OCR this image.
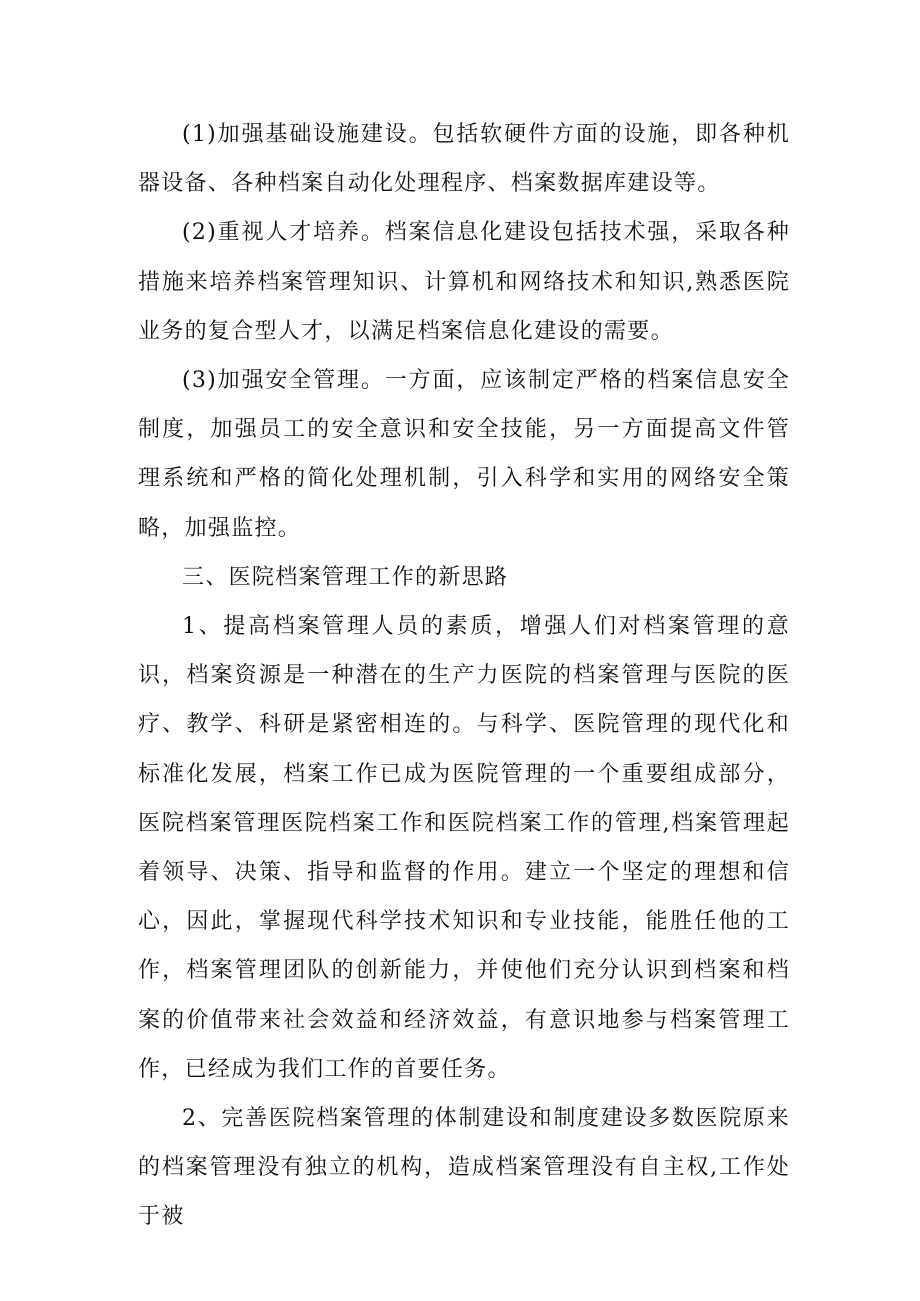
(1)加强基础设施建设。包括软硬件方面的设施，即各种机器设备、各种档案自动化处理程序、档案数据库建设等。

(2)重视人才培养。档案信息化建设包括技术强，采取各种措施来培养档案管理知识、计算机和网络技术和知识,熟悉医院业务的复合型人才，以满足档案信息化建设的需要。

(3)加强安全管理。一方面，应该制定严格的档案信息安全制度，加强员工的安全意识和安全技能，另一方面提高文件管理系统和严格的简化处理机制，引入科学和实用的网络安全策略，加强监控。

三、医院档案管理工作的新思路

1、提高档案管理人员的素质，增强人们对档案管理的意识，档案资源是一种潜在的生产力医院的档案管理与医院的医疗、教学、科研是紧密相连的。与科学、医院管理的现代化和标准化发展，档案工作已成为医院管理的一个重要组成部分，医院档案管理医院档案工作和医院档案工作的管理,档案管理起着领导、决策、指导和监督的作用。建立一个坚定的理想和信心，因此，掌握现代科学技术知识和专业技能，能胜任他的工作，档案管理团队的创新能力，并使他们充分认识到档案和档案的价值带来社会效益和经济效益，有意识地参与档案管理工作，已经成为我们工作的首要任务。

2、完善医院档案管理的体制建设和制度建设多数医院原来的档案管理没有独立的机构，造成档案管理没有自主权,工作处于被
